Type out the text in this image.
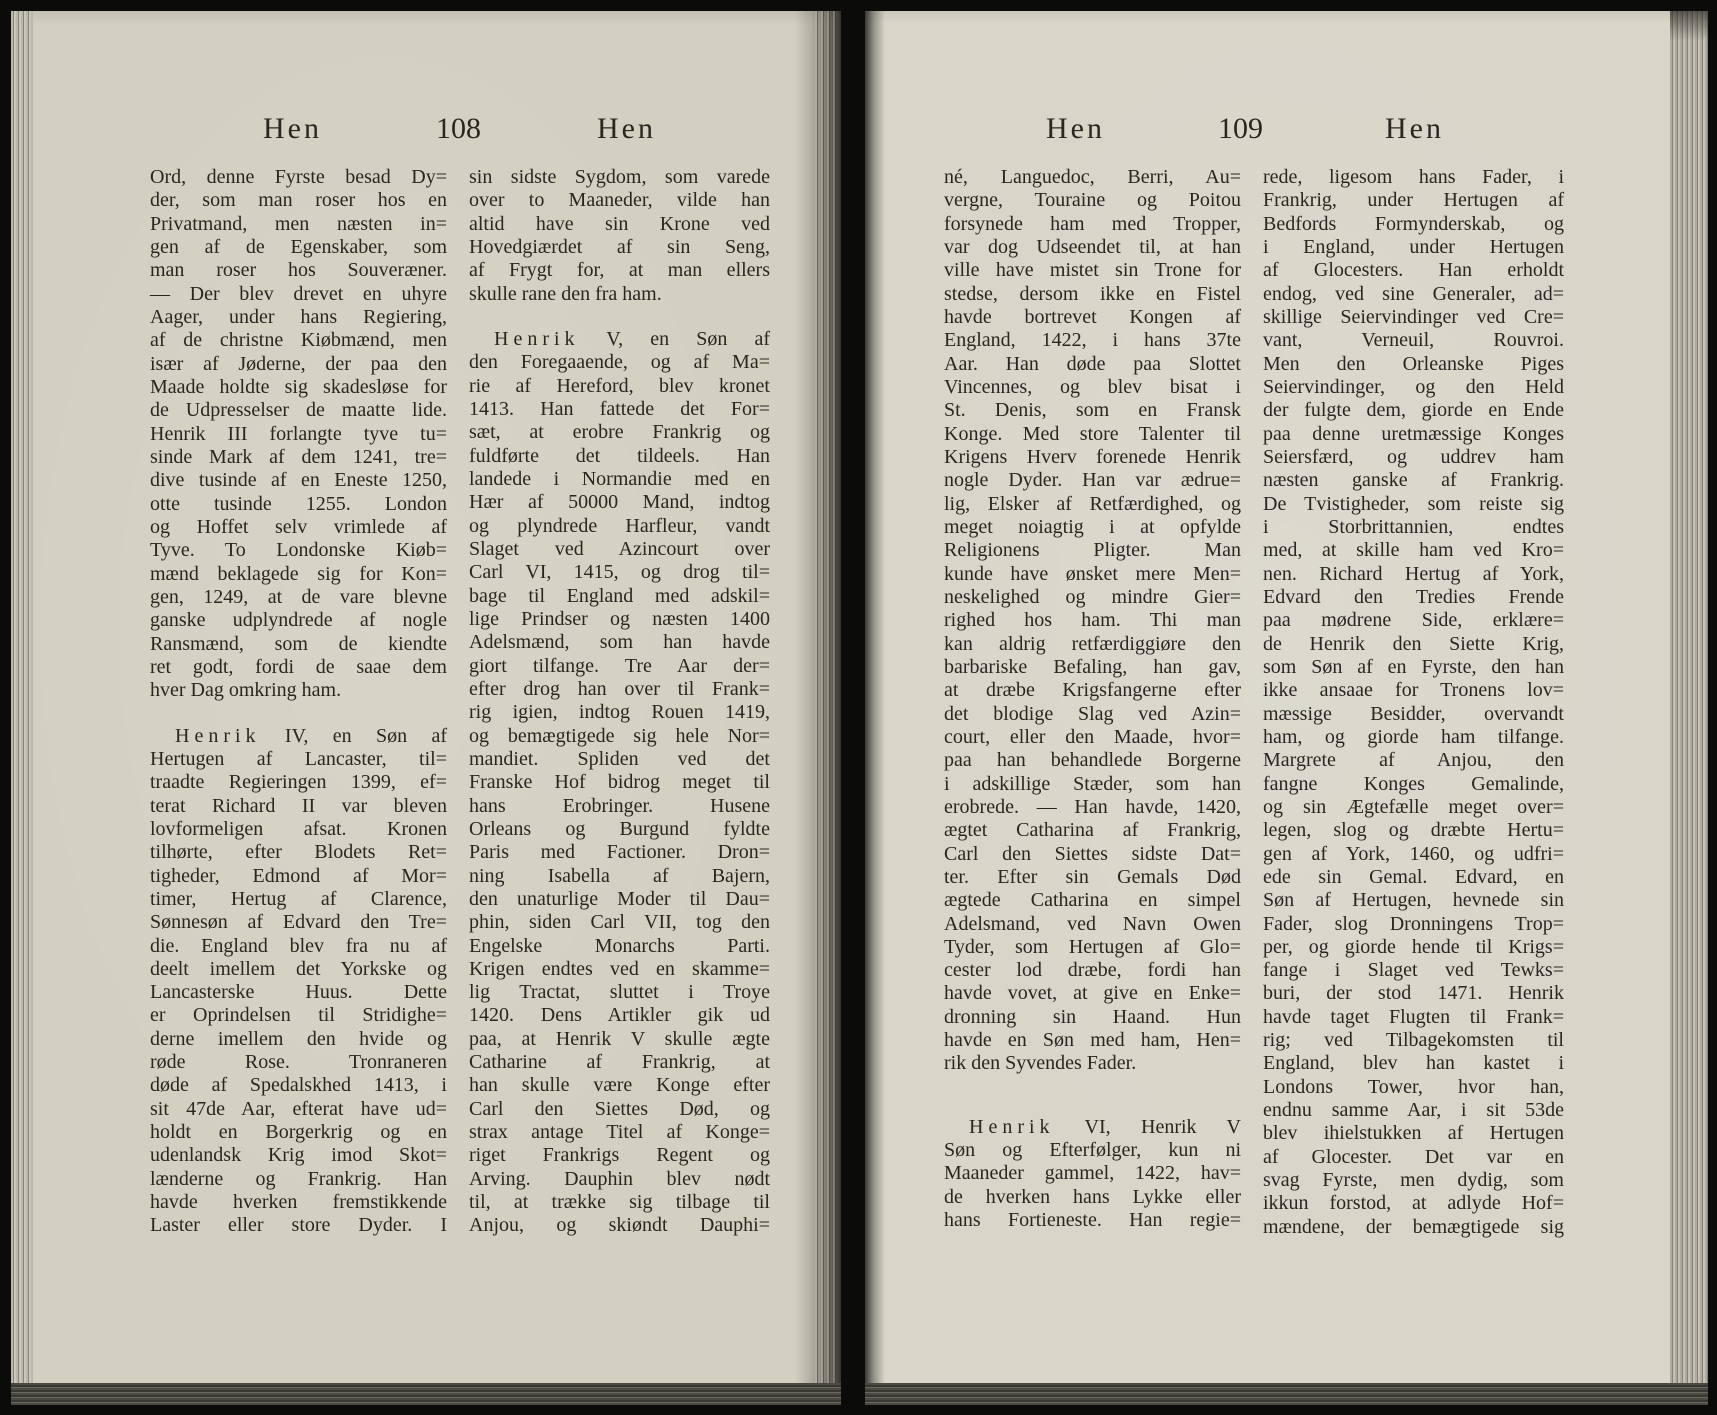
Hen	108	Hen
Ord, denne Fyrste besad Dy=
der, som man roser hos en
Privatmand, men næsten in=
gen af de Egenskaber, som
man roser hos Souveræner.
— Der blev drevet en uhyre
Aager, under hans Regiering,
af de christne Kiøbmænd, men
især af Jøderne, der paa den
Maade holdte sig skadesløse for
de Udpresselser de maatte lide.
Henrik III forlangte tyve tu=
sinde Mark af dem 1241, tre=
dive tusinde af en Eneste 1250,
otte tusinde 1255. London
og Hoffet selv vrimlede af
Tyve. To Londonske Kiøb=
mænd beklagede sig for Kon=
gen, 1249, at de vare blevne
ganske udplyndrede af nogle
Ransmænd, som de kiendte
ret godt, fordi de saae dem
hver Dag omkring ham.
Henrik IV, en Søn af
Hertugen af Lancaster, til=
traadte Regieringen 1399, ef=
terat Richard II var bleven
lovformeligen afsat. Kronen
tilhørte, efter Blodets Ret=
tigheder, Edmond af Mor=
timer, Hertug af Clarence,
Sønnesøn af Edvard den Tre=
die. England blev fra nu af
deelt imellem det Yorkske og
Lancasterske Huus. Dette
er Oprindelsen til Stridighe=
derne imellem den hvide og
røde Rose. Tronraneren
døde af Spedalskhed 1413, i
sit 47de Aar, efterat have ud=
holdt en Borgerkrig og en
udenlandsk Krig imod Skot=
lænderne og Frankrig. Han
havde hverken fremstikkende
Laster eller store Dyder. I
sin sidste Sygdom, som varede
over to Maaneder, vilde han
altid have sin Krone ved
Hovedgiærdet af sin Seng,
af Frygt for, at man ellers
skulle rane den fra ham.
Henrik V, en Søn af
den Foregaaende, og af Ma=
rie af Hereford, blev kronet
1413. Han fattede det For=
sæt, at erobre Frankrig og
fuldførte det tildeels. Han
landede i Normandie med en
Hær af 50000 Mand, indtog
og plyndrede Harfleur, vandt
Slaget ved Azincourt over
Carl VI, 1415, og drog til=
bage til England med adskil=
lige Prindser og næsten 1400
Adelsmænd, som han havde
giort tilfange. Tre Aar der=
efter drog han over til Frank=
rig igien, indtog Rouen 1419,
og bemægtigede sig hele Nor=
mandiet. Spliden ved det
Franske Hof bidrog meget til
hans Erobringer. Husene
Orleans og Burgund fyldte
Paris med Factioner. Dron=
ning Isabella af Bajern,
den unaturlige Moder til Dau=
phin, siden Carl VII, tog den
Engelske Monarchs Parti.
Krigen endtes ved en skamme=
lig Tractat, sluttet i Troye
1420. Dens Artikler gik ud
paa, at Henrik V skulle ægte
Catharine af Frankrig, at
han skulle være Konge efter
Carl den Siettes Død, og
strax antage Titel af Konge=
riget Frankrigs Regent og
Arving. Dauphin blev nødt
til, at trække sig tilbage til
Anjou, og skiøndt Dauphi=
Hen	109	Hen
né, Languedoc, Berri, Au=
vergne, Touraine og Poitou
forsynede ham med Tropper,
var dog Udseendet til, at han
ville have mistet sin Trone for
stedse, dersom ikke en Fistel
havde bortrevet Kongen af
England, 1422, i hans 37te
Aar. Han døde paa Slottet
Vincennes, og blev bisat i
St. Denis, som en Fransk
Konge. Med store Talenter til
Krigens Hverv forenede Henrik
nogle Dyder. Han var ædrue=
lig, Elsker af Retfærdighed, og
meget noiagtig i at opfylde
Religionens Pligter. Man
kunde have ønsket mere Men=
neskelighed og mindre Gier=
righed hos ham. Thi man
kan aldrig retfærdiggiøre den
barbariske Befaling, han gav,
at dræbe Krigsfangerne efter
det blodige Slag ved Azin=
court, eller den Maade, hvor=
paa han behandlede Borgerne
i adskillige Stæder, som han
erobrede. — Han havde, 1420,
ægtet Catharina af Frankrig,
Carl den Siettes sidste Dat=
ter. Efter sin Gemals Død
ægtede Catharina en simpel
Adelsmand, ved Navn Owen
Tyder, som Hertugen af Glo=
cester lod dræbe, fordi han
havde vovet, at give en Enke=
dronning sin Haand. Hun
havde en Søn med ham, Hen=
rik den Syvendes Fader.
Henrik VI, Henrik V
Søn og Efterfølger, kun ni
Maaneder gammel, 1422, hav=
de hverken hans Lykke eller
hans Fortieneste. Han regie=
rede, ligesom hans Fader, i
Frankrig, under Hertugen af
Bedfords Formynderskab, og
i England, under Hertugen
af Glocesters. Han erholdt
endog, ved sine Generaler, ad=
skillige Seiervindinger ved Cre=
vant, Verneuil, Rouvroi.
Men den Orleanske Piges
Seiervindinger, og den Held
der fulgte dem, giorde en Ende
paa denne uretmæssige Konges
Seiersfærd, og uddrev ham
næsten ganske af Frankrig.
De Tvistigheder, som reiste sig
i Storbrittannien, endtes
med, at skille ham ved Kro=
nen. Richard Hertug af York,
Edvard den Tredies Frende
paa mødrene Side, erklære=
de Henrik den Siette Krig,
som Søn af en Fyrste, den han
ikke ansaae for Tronens lov=
mæssige Besidder, overvandt
ham, og giorde ham tilfange.
Margrete af Anjou, den
fangne Konges Gemalinde,
og sin Ægtefælle meget over=
legen, slog og dræbte Hertu=
gen af York, 1460, og udfri=
ede sin Gemal. Edvard, en
Søn af Hertugen, hevnede sin
Fader, slog Dronningens Trop=
per, og giorde hende til Krigs=
fange i Slaget ved Tewks=
buri, der stod 1471. Henrik
havde taget Flugten til Frank=
rig; ved Tilbagekomsten til
England, blev han kastet i
Londons Tower, hvor han,
endnu samme Aar, i sit 53de
blev ihielstukken af Hertugen
af Glocester. Det var en
svag Fyrste, men dydig, som
ikkun forstod, at adlyde Hof=
mændene, der bemægtigede sig
